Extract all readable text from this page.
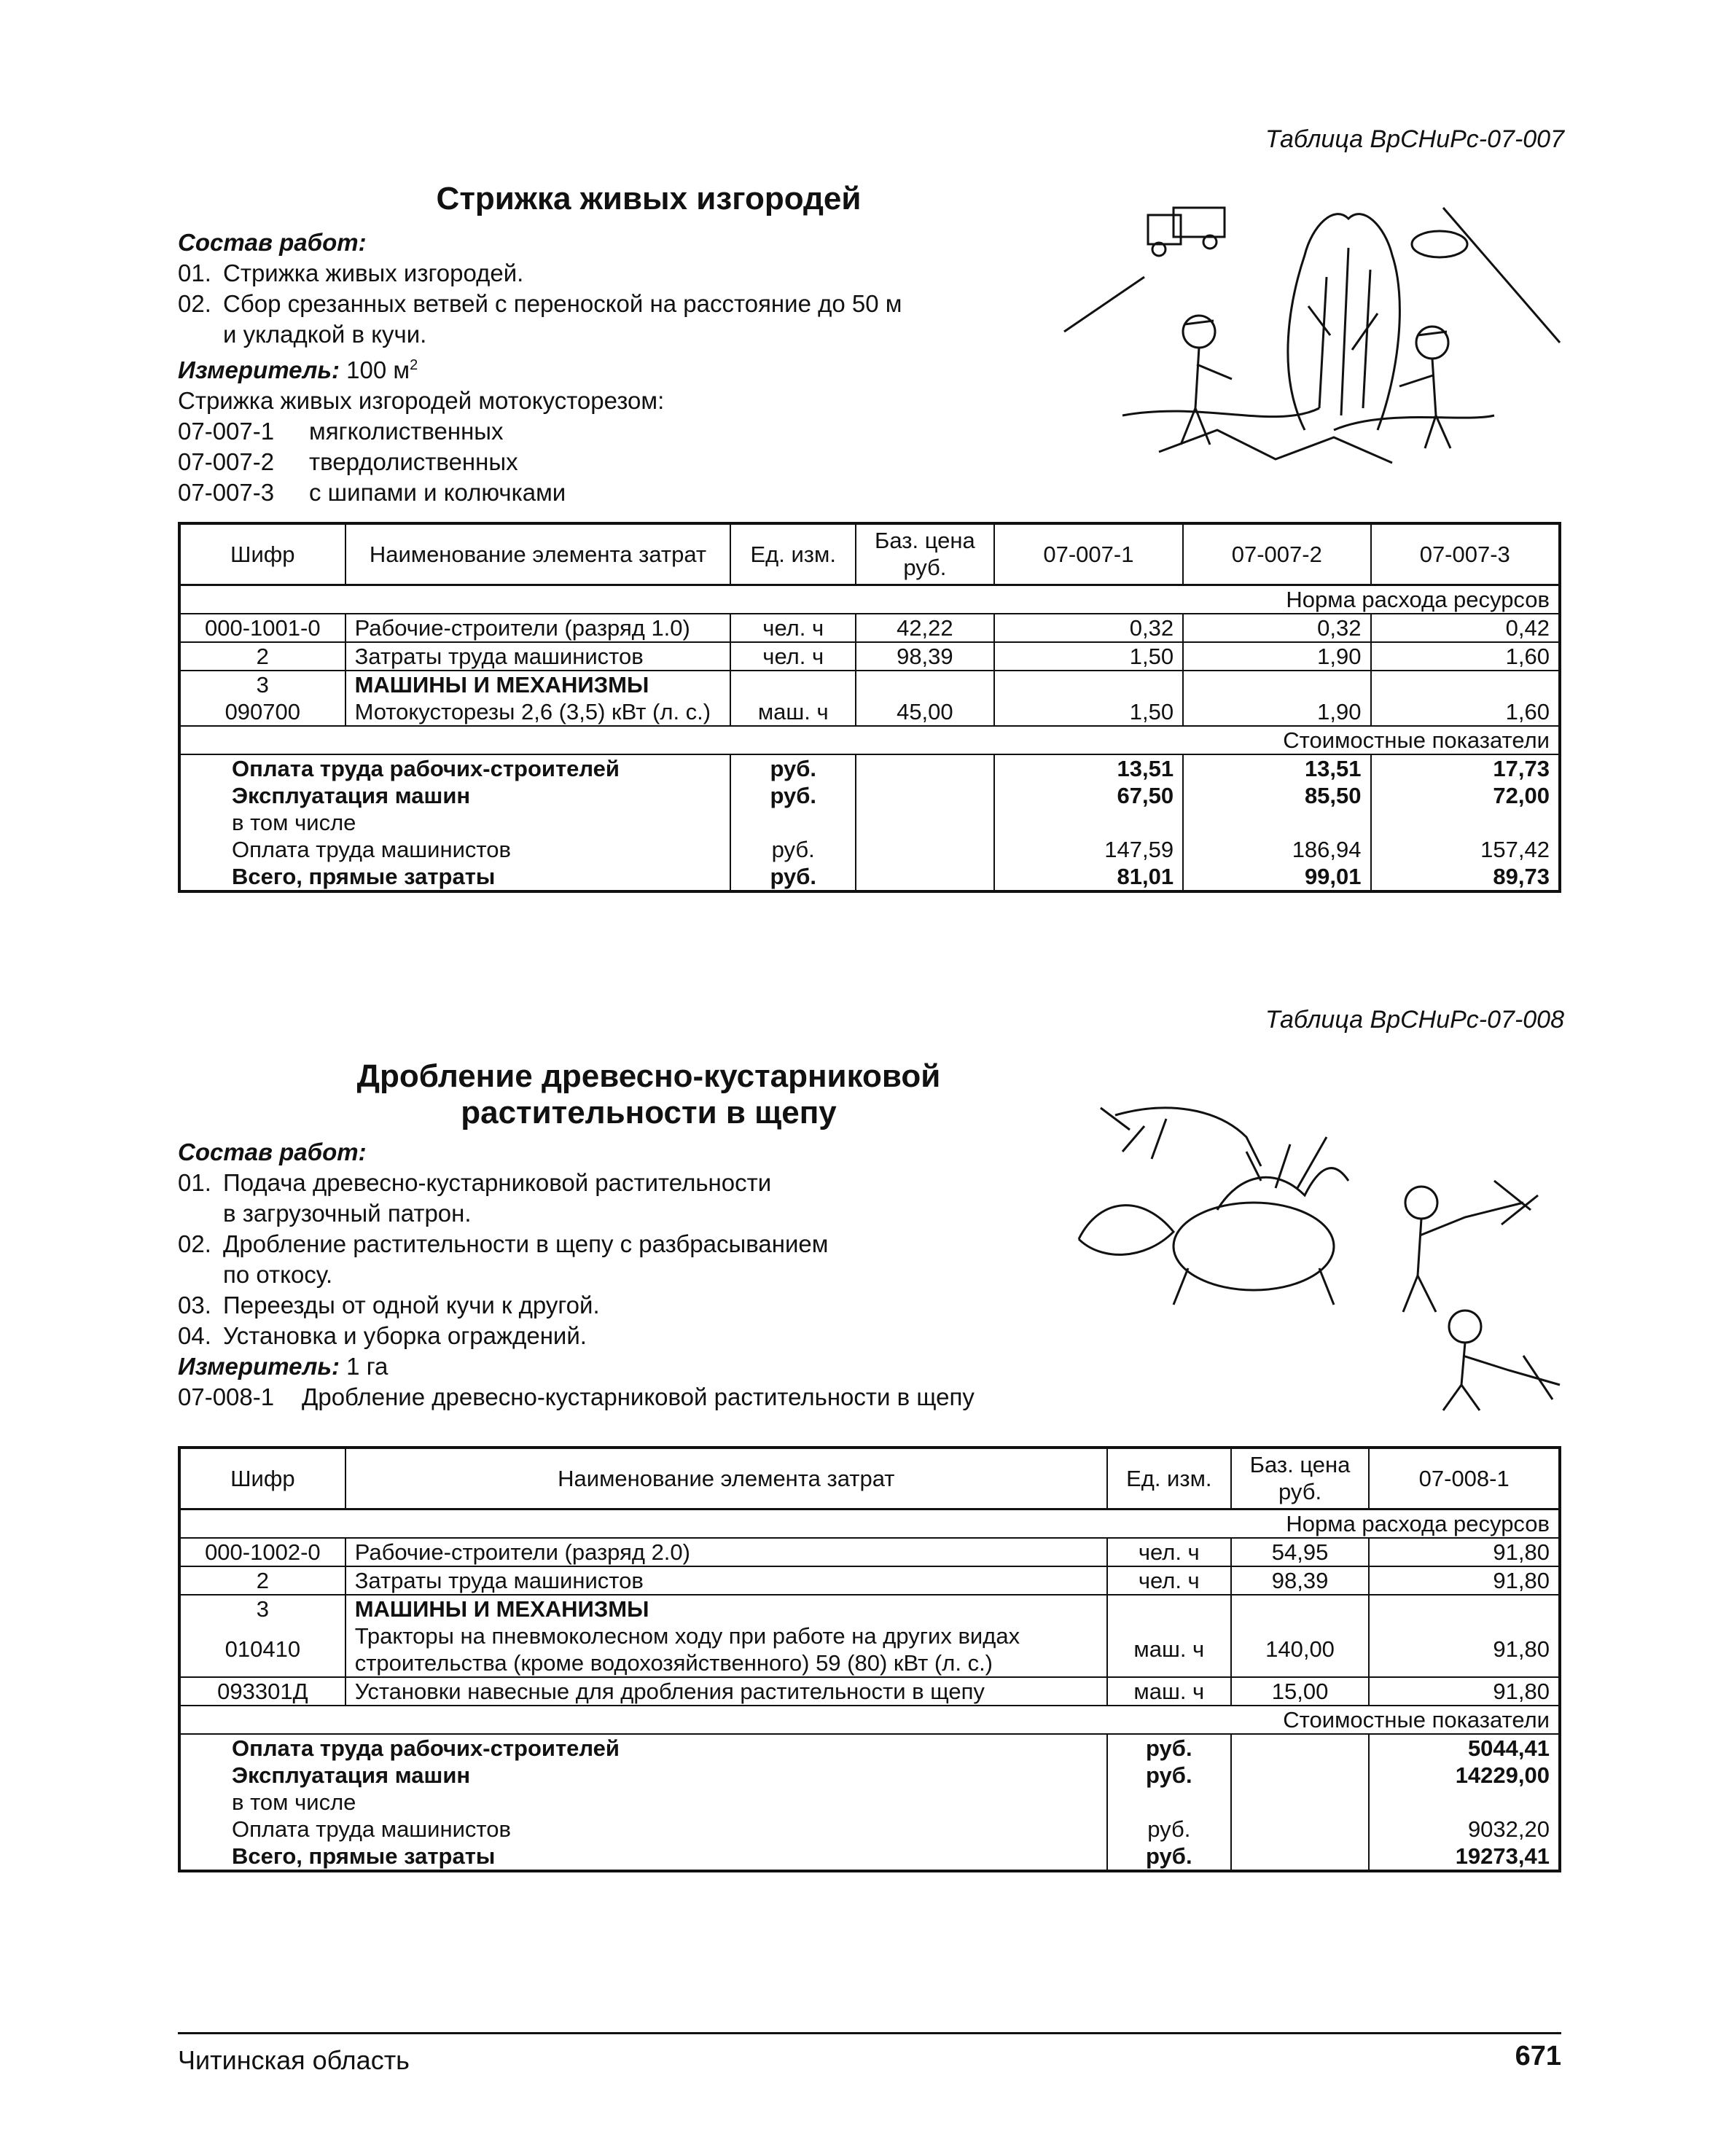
Таблица ВрСНиРс-07-007
Стрижка живых изгородей
Состав работ:
01. Стрижка живых изгородей.
02. Сбор срезанных ветвей с переноской на расстояние до 50 м
и укладкой в кучи.
Измеритель: 100 $м^2$
Стрижка живых изгородей мотокусторезом:
07-007-1 мягколиственных
07-007-2 твердолиственных
07-007-3 с шипами и колючками
Шифр	Наименование элемента затрат	Ед. изм.	Баз. цена руб.	07-007-1	07-007-2	07-007-3
Норма расхода ресурсов						
000-1001-0	Рабочие-строители (разряд 1.0)	чел. ч	42,22	0,32	0,32	0,42
2	Затраты труда машинистов	чел. ч	98,39	1,50	1,90	1,60
3	МАШИНЫ И МЕХАНИЗМЫ					
090700	Мотокусторезы 2,6 (3,5) кВт (л. с.)	маш. ч	45,00	1,50	1,90	1,60
Стоимостные показатели						
Оплата труда рабочих-строителей		руб.		13,51	13,51	17,73
Эксплуатация машин		руб.		67,50	85,50	72,00
в том числе						
Оплата труда машинистов		руб.		147,59	186,94	157,42
Всего, прямые затраты		руб.		81,01	99,01	89,73
Таблица ВрСНиРс-07-008
Дробление древесно-кустарниковой
растительности в щепу
Состав работ:
01. Подача древесно-кустарниковой растительности
в загрузочный патрон.
02. Дробление растительности в щепу с разбрасыванием
по откосу.
03. Переезды от одной кучи к другой.
04. Установка и уборка ограждений.
Измеритель: 1 га
07-008-1 Дробление древесно-кустарниковой растительности в щепу
Шифр	Наименование элемента затрат	Ед. изм.	Баз. цена руб.	07-008-1
Норма расхода ресурсов				
000-1002-0	Рабочие-строители (разряд 2.0)	чел. ч	54,95	91,80
2	Затраты труда машинистов	чел. ч	98,39	91,80
3	МАШИНЫ И МЕХАНИЗМЫ			
010410	Тракторы на пневмоколесном ходу при работе на других видах строительства (кроме водохозяйственного) 59 (80) кВт (л. с.)	маш. ч	140,00	91,80
093301Д	Установки навесные для дробления растительности в щепу	маш. ч	15,00	91,80
Стоимостные показатели				
Оплата труда рабочих-строителей		руб.		5044,41
Эксплуатация машин		руб.		14229,00
в том числе				
Оплата труда машинистов		руб.		9032,20
Всего, прямые затраты		руб.		19273,41
Читинская область	671
